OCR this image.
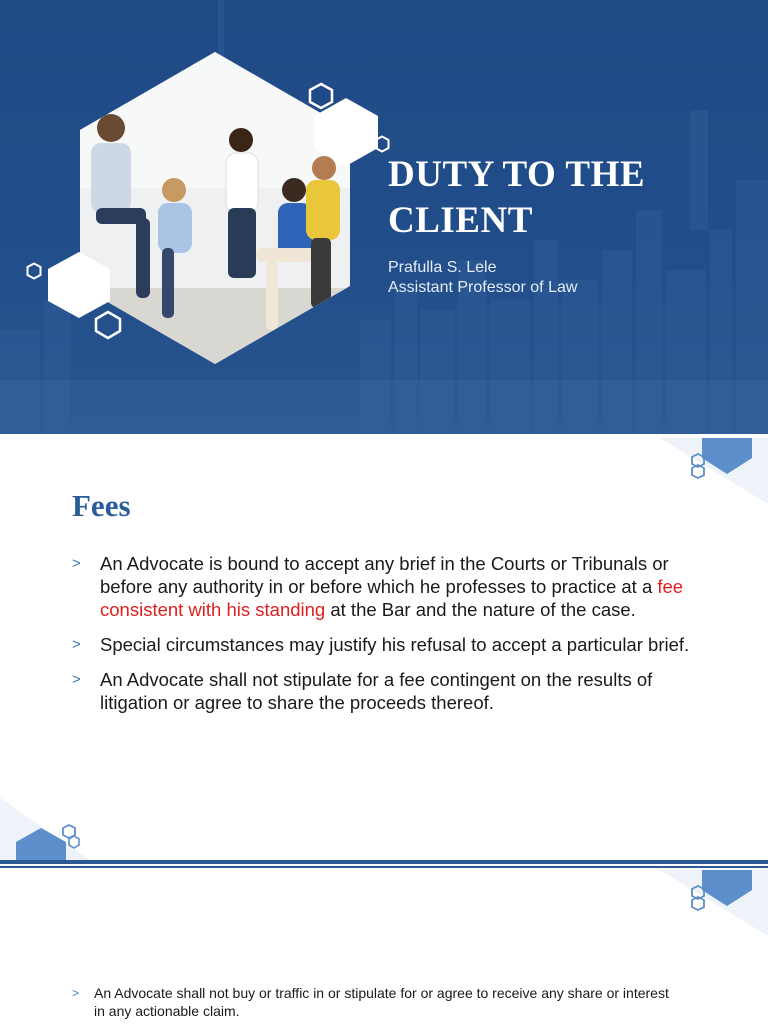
DUTY TO THE
CLIENT
Prafulla S. Lele
Assistant Professor of Law
Fees
> An Advocate is bound to accept any brief in the Courts or Tribunals or before any authority in or before which he professes to practice at a fee consistent with his standing at the Bar and the nature of the case.
> Special circumstances may justify his refusal to accept a particular brief.
> An Advocate shall not stipulate for a fee contingent on the results of litigation or agree to share the proceeds thereof.
> An Advocate shall not buy or traffic in or stipulate for or agree to receive any share or interest in any actionable claim.
